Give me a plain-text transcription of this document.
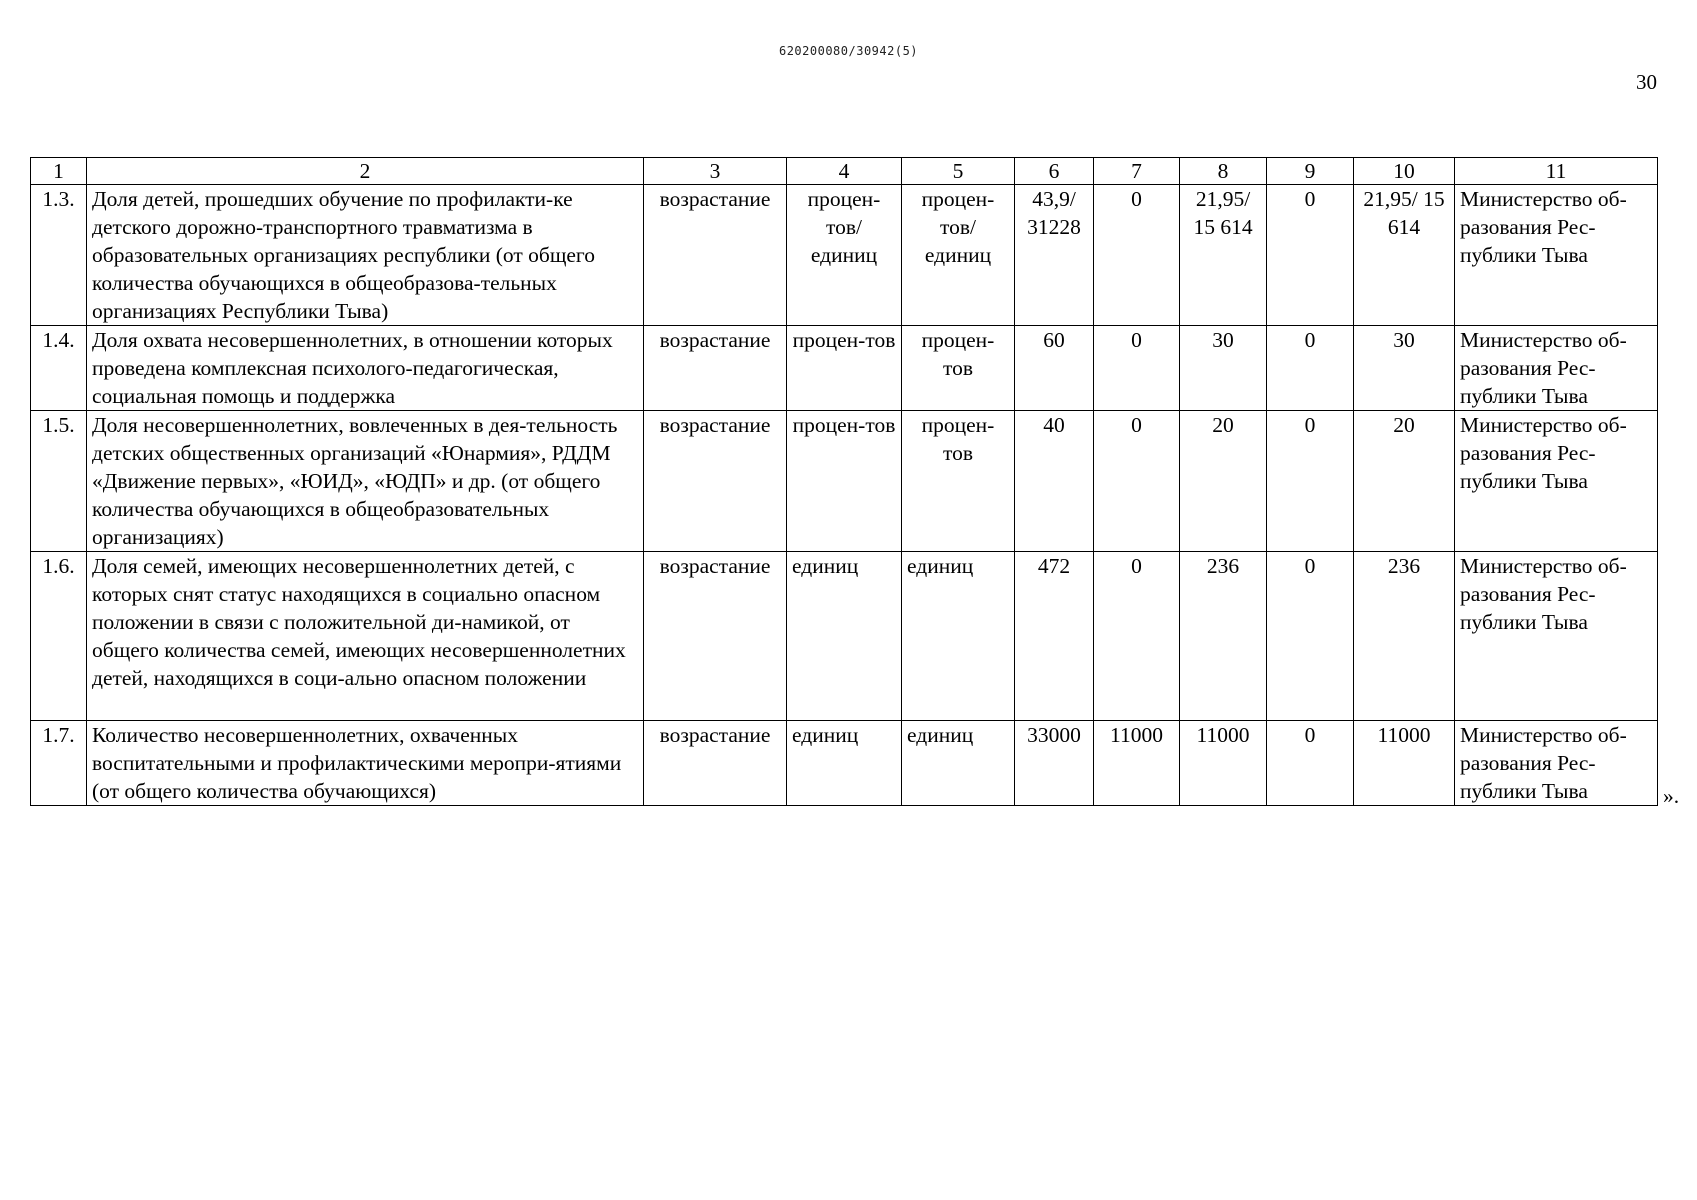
620200080/30942(5)
30
1	2	3	4	5	6	7	8	9	10	11
1.3.	Доля детей, прошедших обучение по профилакти-ке детского дорожно-транспортного травматизма в образовательных организациях республики (от общего количества обучающихся в общеобразова-тельных организациях Республики Тыва)	возрастание	процен-тов/ единиц	процен-тов/ единиц	43,9/ 31228	0	21,95/ 15 614	0	21,95/ 15 614	Министерство об-разования Рес-публики Тыва
1.4.	Доля охвата несовершеннолетних, в отношении которых проведена комплексная психолого-педагогическая, социальная помощь и поддержка	возрастание	процен-тов	процен-тов	60	0	30	0	30	Министерство об-разования Рес-публики Тыва
1.5.	Доля несовершеннолетних, вовлеченных в дея-тельность детских общественных организаций «Юнармия», РДДМ «Движение первых», «ЮИД», «ЮДП» и др. (от общего количества обучающихся в общеобразовательных организациях)	возрастание	процен-тов	процен-тов	40	0	20	0	20	Министерство об-разования Рес-публики Тыва
1.6.	Доля семей, имеющих несовершеннолетних детей, с которых снят статус находящихся в социально опасном положении в связи с положительной ди-намикой, от общего количества семей, имеющих несовершеннолетних детей, находящихся в соци-ально опасном положении	возрастание	единиц	единиц	472	0	236	0	236	Министерство об-разования Рес-публики Тыва
1.7.	Количество несовершеннолетних, охваченных воспитательными и профилактическими меропри-ятиями (от общего количества обучающихся)	возрастание	единиц	единиц	33000	11000	11000	0	11000	Министерство об-разования Рес-публики Тыва	».
